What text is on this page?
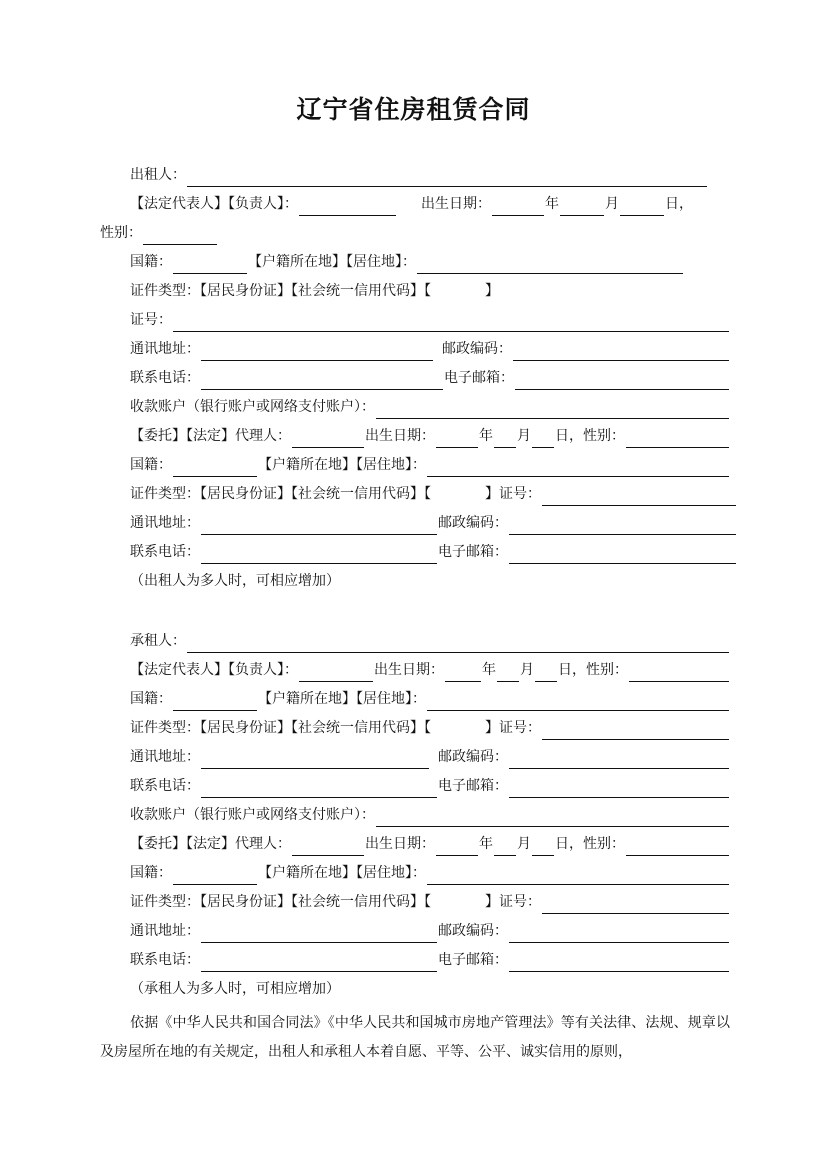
辽宁省住房租赁合同
出租人：
【法定代表人】【负责人】：	出生日期：	年	月	日，
性别：
国籍：	【户籍所在地】【居住地】：
证件类型：【居民身份证】【社会统一信用代码】【	】
证号：
通讯地址：	邮政编码：
联系电话：	电子邮箱：
收款账户（银行账户或网络支付账户）：
【委托】【法定】代理人：	出生日期：	年 月 日，性别：
国籍：	【户籍所在地】【居住地】：
证件类型：【居民身份证】【社会统一信用代码】【	】证号：
通讯地址：	邮政编码：
联系电话：	电子邮箱：
（出租人为多人时，可相应增加）
承租人：
【法定代表人】【负责人】：	出生日期：	年 月 日，性别：
国籍：	【户籍所在地】【居住地】：
证件类型：【居民身份证】【社会统一信用代码】【	】证号：
通讯地址：	邮政编码：
联系电话：	电子邮箱：
收款账户（银行账户或网络支付账户）：
【委托】【法定】代理人：	出生日期：	年 月 日，性别：
国籍：	【户籍所在地】【居住地】：
证件类型：【居民身份证】【社会统一信用代码】【	】证号：
通讯地址：	邮政编码：
联系电话：	电子邮箱：
（承租人为多人时，可相应增加）
依据《中华人民共和国合同法》《中华人民共和国城市房地产管理法》等有关法律、法规、规章以及房屋所在地的有关规定，出租人和承租人本着自愿、平等、公平、诚实信用的原则，
